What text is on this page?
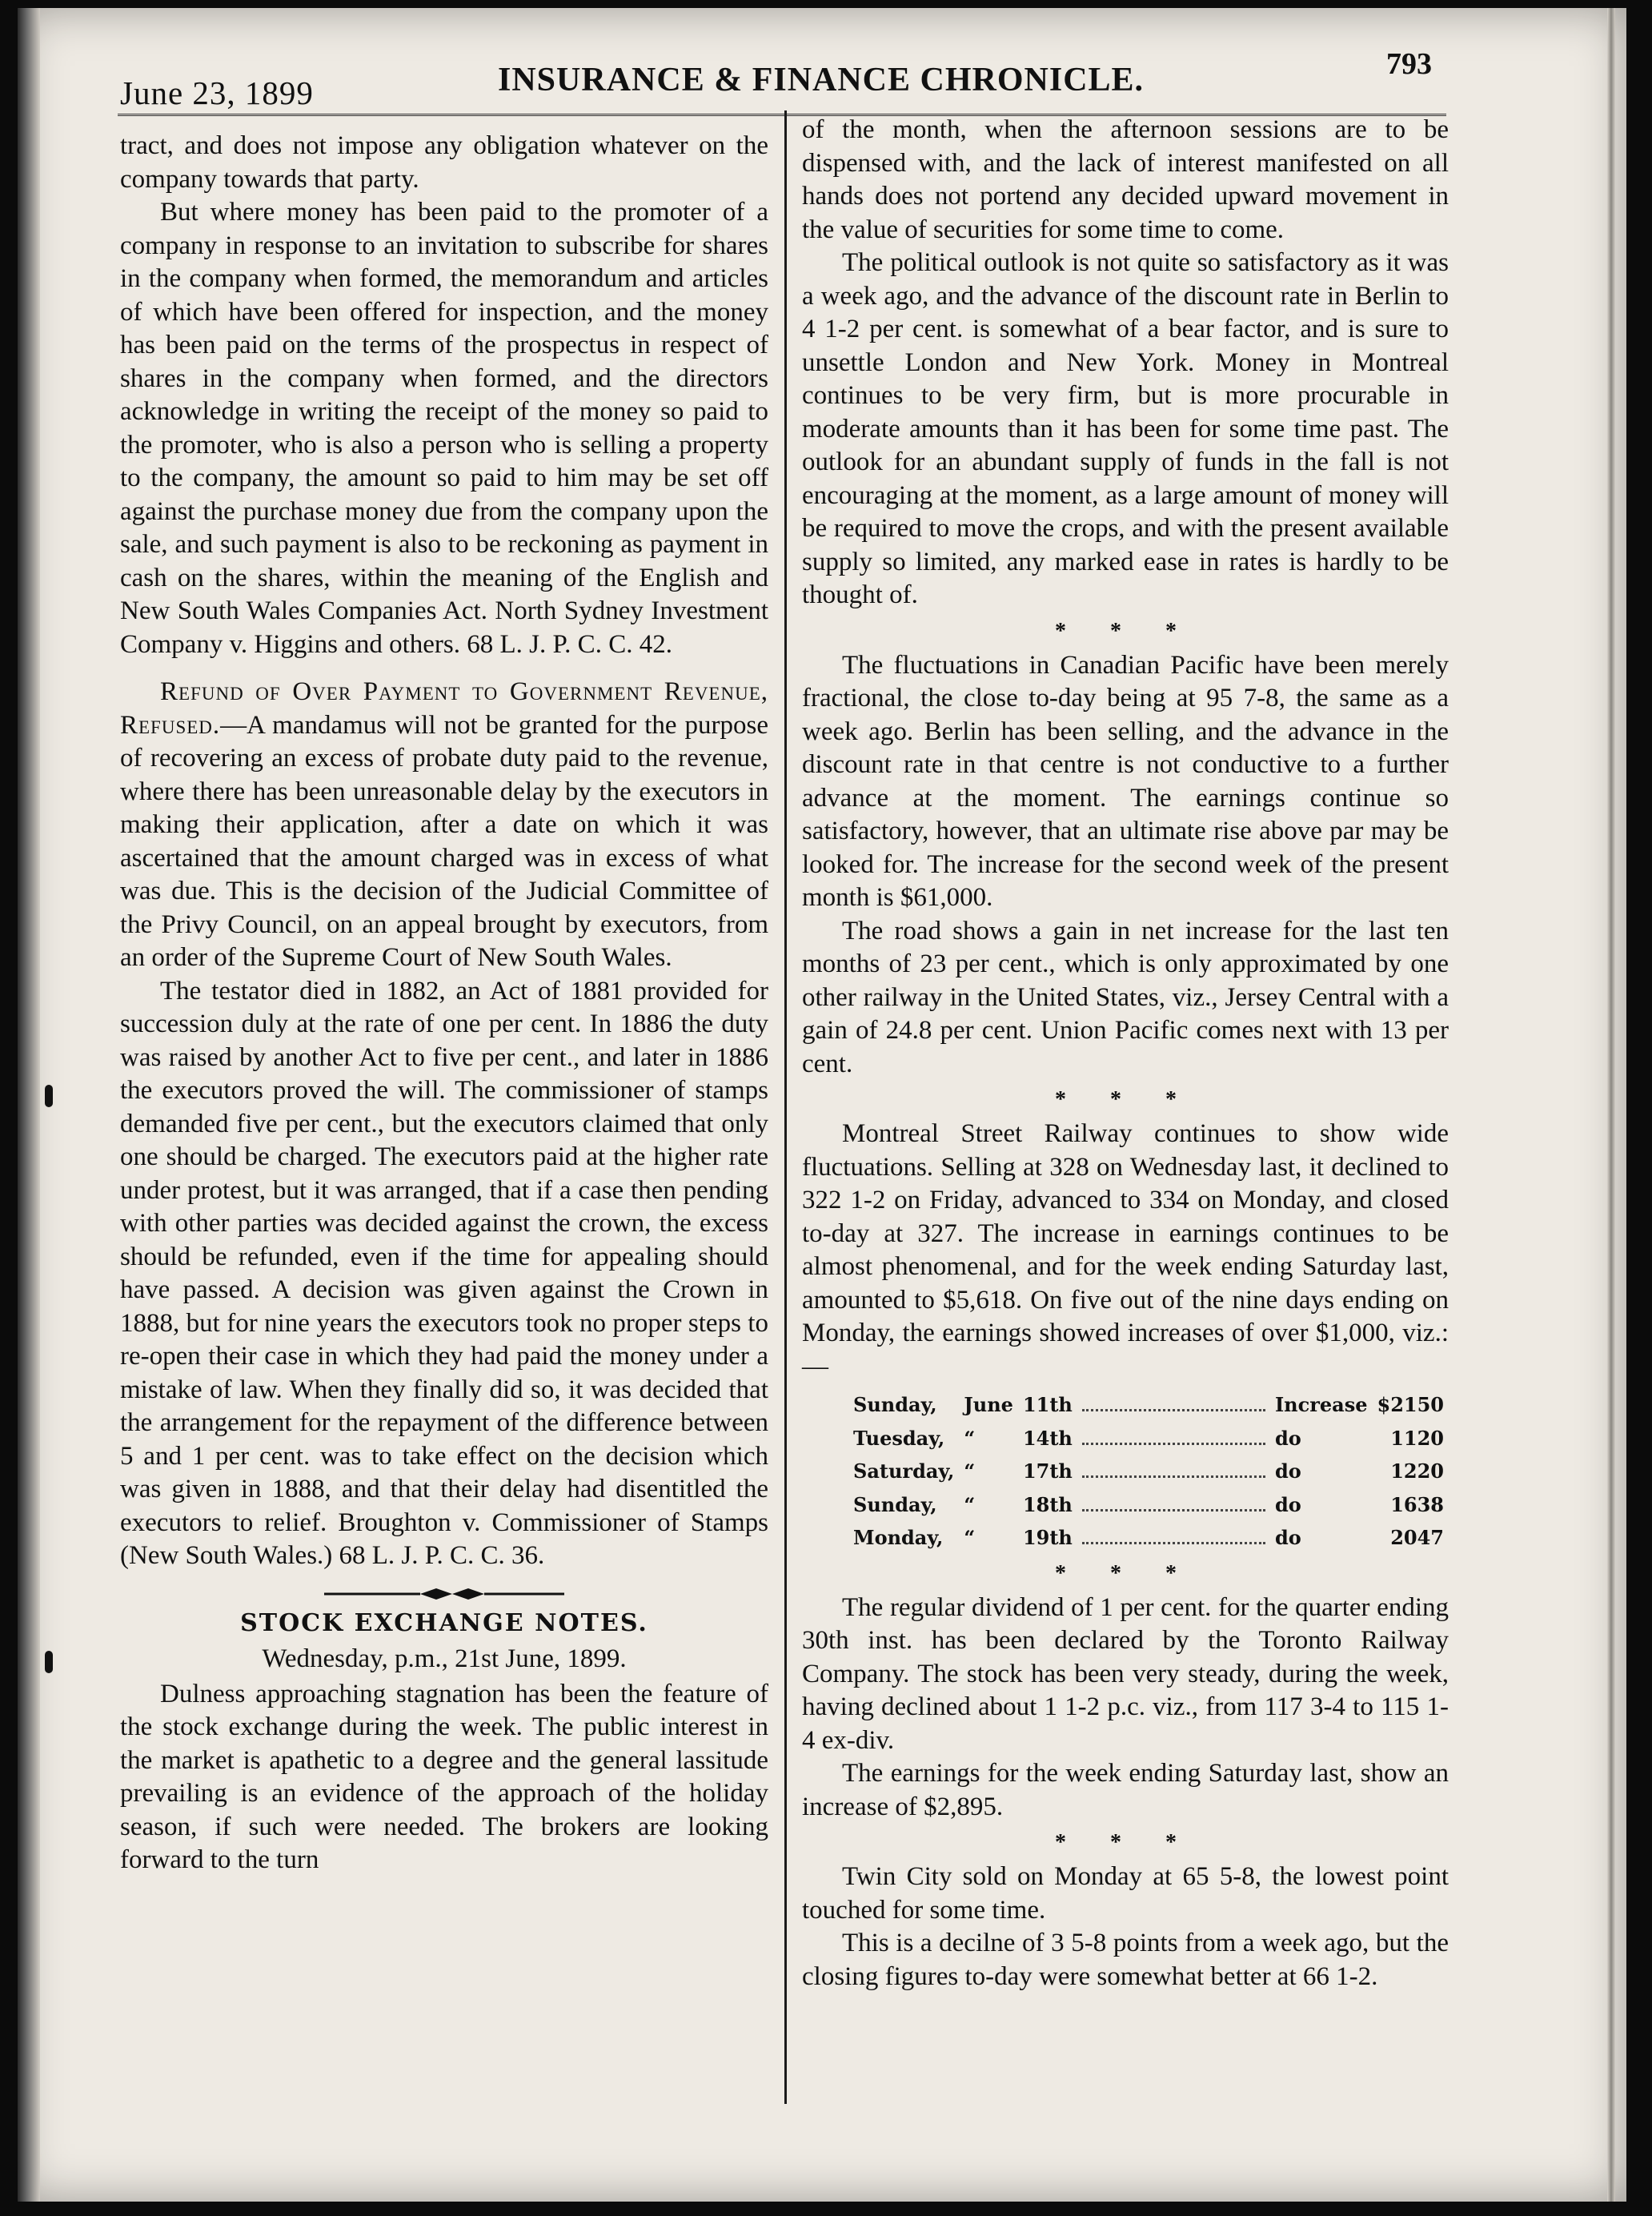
June 23, 1899	INSURANCE & FINANCE CHRONICLE.	793

tract, and does not impose any obligation whatever on the company towards that party.

But where money has been paid to the promoter of a company in response to an invitation to subscribe for shares in the company when formed, the memorandum and articles of which have been offered for inspection, and the money has been paid on the terms of the prospectus in respect of shares in the company when formed, and the directors acknowledge in writing the receipt of the money so paid to the promoter, who is also a person who is selling a property to the company, the amount so paid to him may be set off against the purchase money due from the company upon the sale, and such payment is also to be reckoning as payment in cash on the shares, within the meaning of the English and New South Wales Companies Act. North Sydney Investment Company v. Higgins and others. 68 L. J. P. C. C. 42.

Refund of Over Payment to Government Revenue, Refused.—A mandamus will not be granted for the purpose of recovering an excess of probate duty paid to the revenue, where there has been unreasonable delay by the executors in making their application, after a date on which it was ascertained that the amount charged was in excess of what was due. This is the decision of the Judicial Committee of the Privy Council, on an appeal brought by executors, from an order of the Supreme Court of New South Wales.

The testator died in 1882, an Act of 1881 provided for succession duly at the rate of one per cent. In 1886 the duty was raised by another Act to five per cent., and later in 1886 the executors proved the will. The commissioner of stamps demanded five per cent., but the executors claimed that only one should be charged. The executors paid at the higher rate under protest, but it was arranged, that if a case then pending with other parties was decided against the crown, the excess should be refunded, even if the time for appealing should have passed. A decision was given against the Crown in 1888, but for nine years the executors took no proper steps to re-open their case in which they had paid the money under a mistake of law. When they finally did so, it was decided that the arrangement for the repayment of the difference between 5 and 1 per cent. was to take effect on the decision which was given in 1888, and that their delay had disentitled the executors to relief. Broughton v. Commissioner of Stamps (New South Wales.) 68 L. J. P. C. C. 36.

STOCK EXCHANGE NOTES.
Wednesday, p.m., 21st June, 1899.

Dulness approaching stagnation has been the feature of the stock exchange during the week. The public interest in the market is apathetic to a degree and the general lassitude prevailing is an evidence of the approach of the holiday season, if such were needed. The brokers are looking forward to the turn

of the month, when the afternoon sessions are to be dispensed with, and the lack of interest manifested on all hands does not portend any decided upward movement in the value of securities for some time to come.

The political outlook is not quite so satisfactory as it was a week ago, and the advance of the discount rate in Berlin to 4 1-2 per cent. is somewhat of a bear factor, and is sure to unsettle London and New York. Money in Montreal continues to be very firm, but is more procurable in moderate amounts than it has been for some time past. The outlook for an abundant supply of funds in the fall is not encouraging at the moment, as a large amount of money will be required to move the crops, and with the present available supply so limited, any marked ease in rates is hardly to be thought of.

* * *

The fluctuations in Canadian Pacific have been merely fractional, the close to-day being at 95 7-8, the same as a week ago. Berlin has been selling, and the advance in the discount rate in that centre is not conductive to a further advance at the moment. The earnings continue so satisfactory, however, that an ultimate rise above par may be looked for. The increase for the second week of the present month is $61,000.

The road shows a gain in net increase for the last ten months of 23 per cent., which is only approximated by one other railway in the United States, viz., Jersey Central with a gain of 24.8 per cent. Union Pacific comes next with 13 per cent.

* * *

Montreal Street Railway continues to show wide fluctuations. Selling at 328 on Wednesday last, it declined to 322 1-2 on Friday, advanced to 334 on Monday, and closed to-day at 327. The increase in earnings continues to be almost phenomenal, and for the week ending Saturday last, amounted to $5,618. On five out of the nine days ending on Monday, the earnings showed increases of over $1,000, viz.:—

Sunday,	June	11th		Increase	$2150
Tuesday,	“	14th		do	1120
Saturday,	“	17th		do	1220
Sunday,	“	18th		do	1638
Monday,	“	19th		do	2047
* * *

The regular dividend of 1 per cent. for the quarter ending 30th inst. has been declared by the Toronto Railway Company. The stock has been very steady, during the week, having declined about 1 1-2 p.c. viz., from 117 3-4 to 115 1-4 ex-div.

The earnings for the week ending Saturday last, show an increase of $2,895.

* * *

Twin City sold on Monday at 65 5-8, the lowest point touched for some time.

This is a decilne of 3 5-8 points from a week ago, but the closing figures to-day were somewhat better at 66 1-2.
